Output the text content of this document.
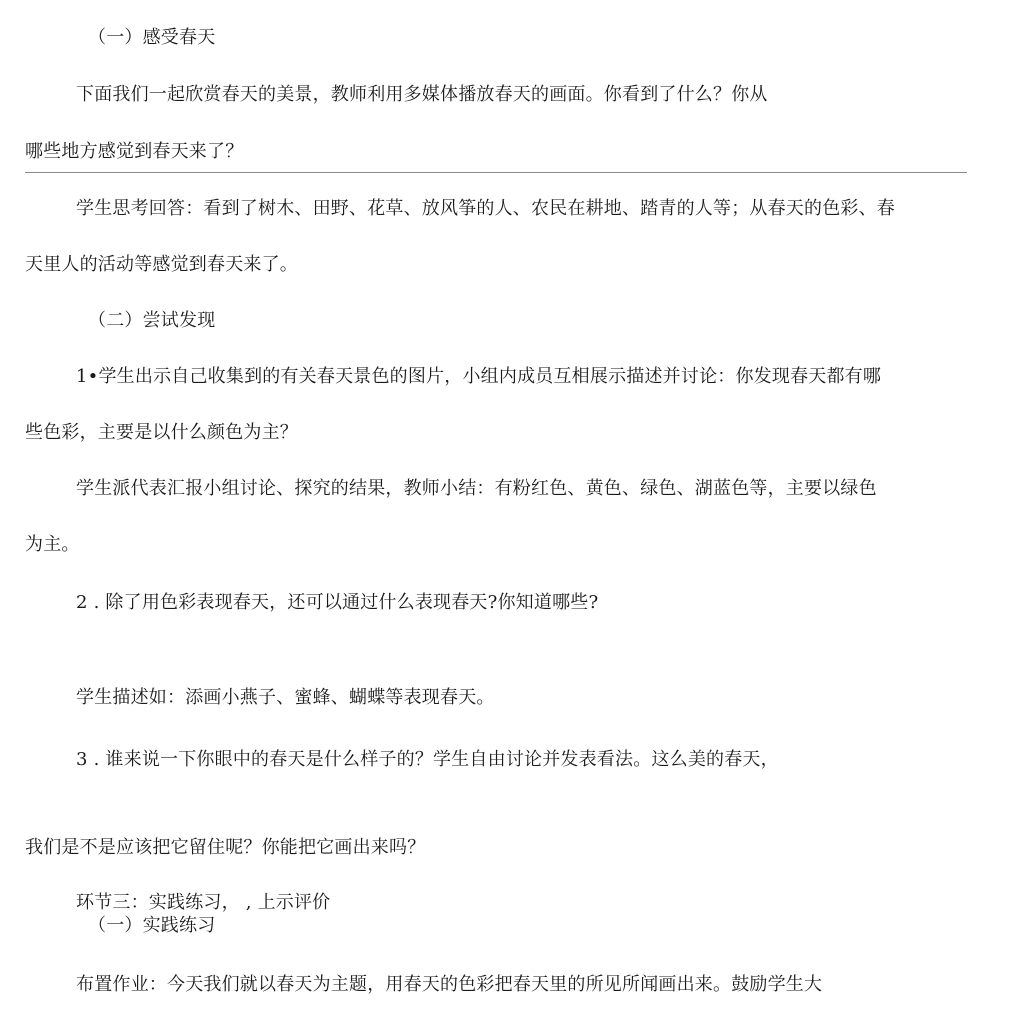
（一）感受春天
下面我们一起欣赏春天的美景，教师利用多媒体播放春天的画面。你看到了什么？你从
哪些地方感觉到春天来了？
学生思考回答：看到了树木、田野、花草、放风筝的人、农民在耕地、踏青的人等；从春天的色彩、春
天里人的活动等感觉到春天来了。
（二）尝试发现
1•学生出示自己收集到的有关春天景色的图片，小组内成员互相展示描述并讨论：你发现春天都有哪
些色彩，主要是以什么颜色为主？
学生派代表汇报小组讨论、探究的结果，教师小结：有粉红色、黄色、绿色、湖蓝色等，主要以绿色
为主。
2 . 除了用色彩表现春天，还可以通过什么表现春天?你知道哪些?
学生描述如：添画小燕子、蜜蜂、蝴蝶等表现春天。
3 . 谁来说一下你眼中的春天是什么样子的？学生自由讨论并发表看法。这么美的春天，
我们是不是应该把它留住呢？你能把它画出来吗？
环节三：实践练习， , 上示评价
（一）实践练习
布置作业：今天我们就以春天为主题，用春天的色彩把春天里的所见所闻画出来。鼓励学生大
